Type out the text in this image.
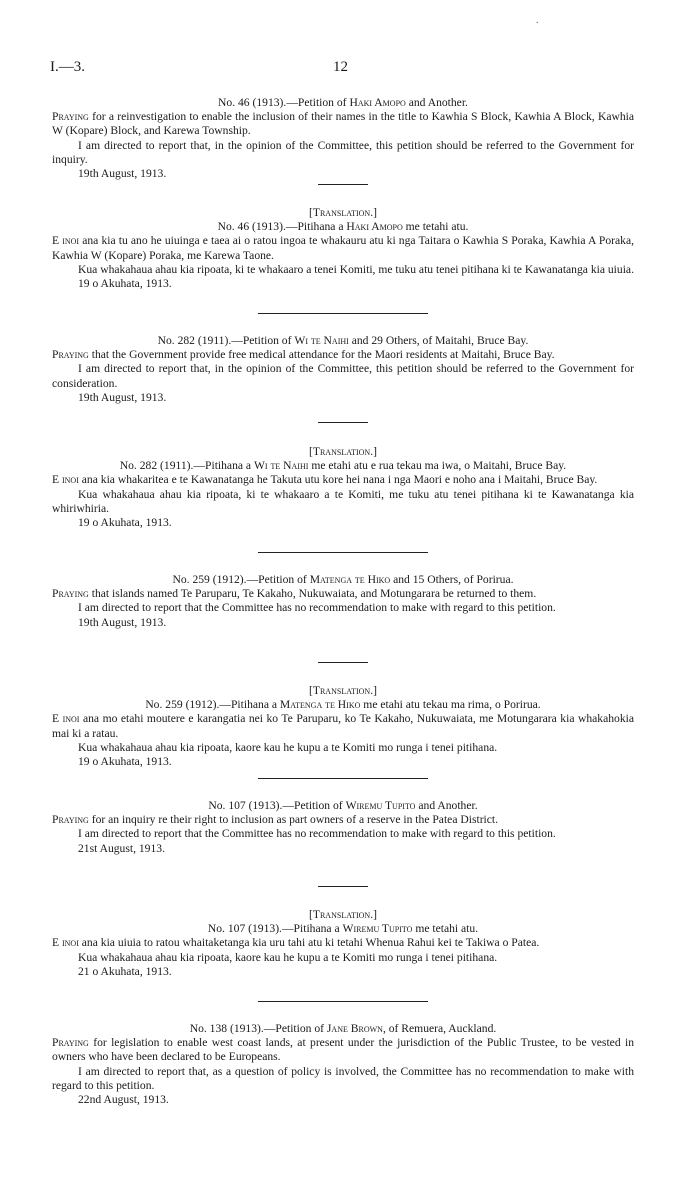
I.—3.	12
.

No. 46 (1913).—Petition of Haki Amopo and Another.

Praying for a reinvestigation to enable the inclusion of their names in the title to Kawhia S Block, Kawhia A Block, Kawhia W (Kopare) Block, and Karewa Township.

I am directed to report that, in the opinion of the Committee, this petition should be referred to the Government for inquiry.

19th August, 1913.

[Translation.]

No. 46 (1913).—Pitihana a Haki Amopo me tetahi atu.

E inoi ana kia tu ano he uiuinga e taea ai o ratou ingoa te whakauru atu ki nga Taitara o Kawhia S Poraka, Kawhia A Poraka, Kawhia W (Kopare) Poraka, me Karewa Taone.

Kua whakahaua ahau kia ripoata, ki te whakaaro a tenei Komiti, me tuku atu tenei pitihana ki te Kawanatanga kia uiuia.

19 o Akuhata, 1913.

No. 282 (1911).—Petition of Wi te Naihi and 29 Others, of Maitahi, Bruce Bay.

Praying that the Government provide free medical attendance for the Maori residents at Maitahi, Bruce Bay.

I am directed to report that, in the opinion of the Committee, this petition should be referred to the Government for consideration.

19th August, 1913.

[Translation.]

No. 282 (1911).—Pitihana a Wi te Naihi me etahi atu e rua tekau ma iwa, o Maitahi, Bruce Bay.

E inoi ana kia whakaritea e te Kawanatanga he Takuta utu kore hei nana i nga Maori e noho ana i Maitahi, Bruce Bay.

Kua whakahaua ahau kia ripoata, ki te whakaaro a te Komiti, me tuku atu tenei pitihana ki te Kawanatanga kia whiriwhiria.

19 o Akuhata, 1913.

No. 259 (1912).—Petition of Matenga te Hiko and 15 Others, of Porirua.

Praying that islands named Te Paruparu, Te Kakaho, Nukuwaiata, and Motungarara be returned to them.

I am directed to report that the Committee has no recommendation to make with regard to this petition.

19th August, 1913.

[Translation.]

No. 259 (1912).—Pitihana a Matenga te Hiko me etahi atu tekau ma rima, o Porirua.

E inoi ana mo etahi moutere e karangatia nei ko Te Paruparu, ko Te Kakaho, Nukuwaiata, me Motungarara kia whakahokia mai ki a ratau.

Kua whakahaua ahau kia ripoata, kaore kau he kupu a te Komiti mo runga i tenei pitihana.

19 o Akuhata, 1913.

No. 107 (1913).—Petition of Wiremu Tupito and Another.

Praying for an inquiry re their right to inclusion as part owners of a reserve in the Patea District.

I am directed to report that the Committee has no recommendation to make with regard to this petition.

21st August, 1913.

[Translation.]

No. 107 (1913).—Pitihana a Wiremu Tupito me tetahi atu.

E inoi ana kia uiuia to ratou whaitaketanga kia uru tahi atu ki tetahi Whenua Rahui kei te Takiwa o Patea.

Kua whakahaua ahau kia ripoata, kaore kau he kupu a te Komiti mo runga i tenei pitihana.

21 o Akuhata, 1913.

No. 138 (1913).—Petition of Jane Brown, of Remuera, Auckland.

Praying for legislation to enable west coast lands, at present under the jurisdiction of the Public Trustee, to be vested in owners who have been declared to be Europeans.

I am directed to report that, as a question of policy is involved, the Committee has no recommendation to make with regard to this petition.

22nd August, 1913.
